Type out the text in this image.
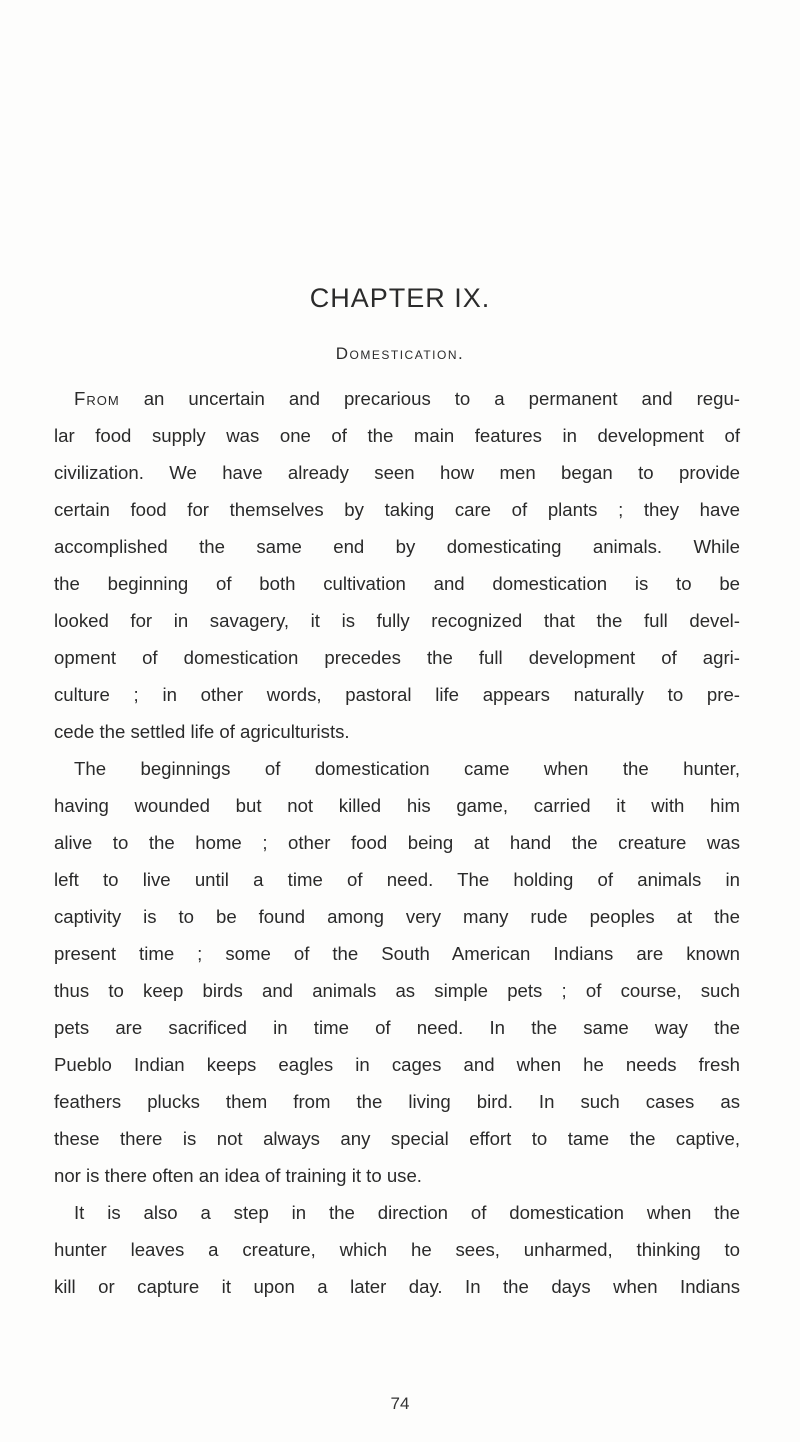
CHAPTER IX.
Domestication.
From an uncertain and precarious to a permanent and regu-
lar food supply was one of the main features in development of
civilization. We have already seen how men began to provide
certain food for themselves by taking care of plants ; they have
accomplished the same end by domesticating animals. While
the beginning of both cultivation and domestication is to be
looked for in savagery, it is fully recognized that the full devel-
opment of domestication precedes the full development of agri-
culture ; in other words, pastoral life appears naturally to pre-
cede the settled life of agriculturists.
The beginnings of domestication came when the hunter,
having wounded but not killed his game, carried it with him
alive to the home ; other food being at hand the creature was
left to live until a time of need. The holding of animals in
captivity is to be found among very many rude peoples at the
present time ; some of the South American Indians are known
thus to keep birds and animals as simple pets ; of course, such
pets are sacrificed in time of need. In the same way the
Pueblo Indian keeps eagles in cages and when he needs fresh
feathers plucks them from the living bird. In such cases as
these there is not always any special effort to tame the captive,
nor is there often an idea of training it to use.
It is also a step in the direction of domestication when the
hunter leaves a creature, which he sees, unharmed, thinking to
kill or capture it upon a later day. In the days when Indians
74
